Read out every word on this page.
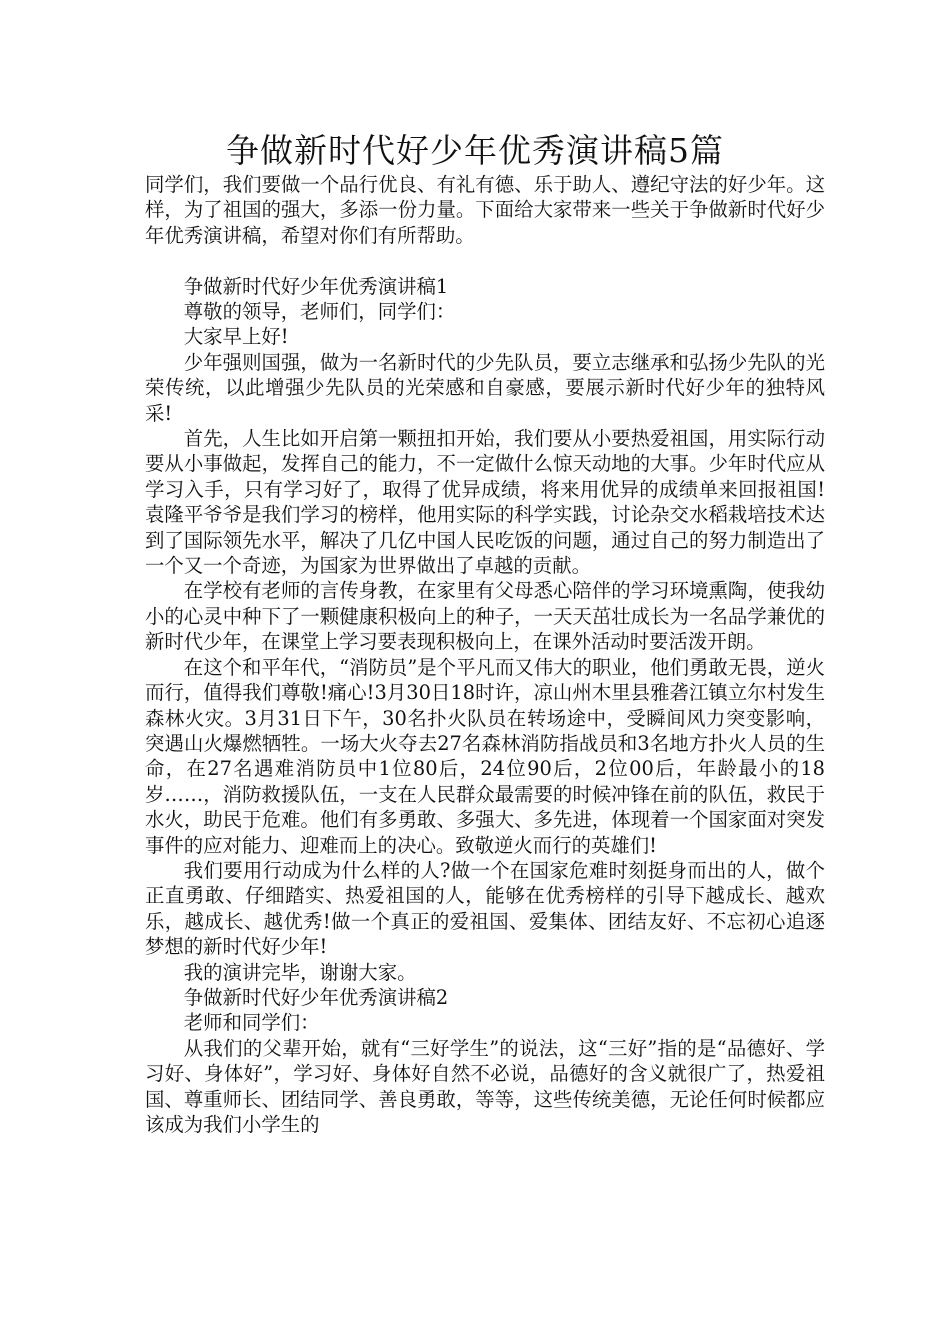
争做新时代好少年优秀演讲稿5篇

同学们，我们要做一个品行优良、有礼有德、乐于助人、遵纪守法的好少年。这样，为了祖国的强大，多添一份力量。下面给大家带来一些关于争做新时代好少年优秀演讲稿，希望对你们有所帮助。

争做新时代好少年优秀演讲稿1

尊敬的领导，老师们，同学们：

大家早上好!

少年强则国强，做为一名新时代的少先队员，要立志继承和弘扬少先队的光荣传统，以此增强少先队员的光荣感和自豪感，要展示新时代好少年的独特风采!

首先，人生比如开启第一颗扭扣开始，我们要从小要热爱祖国，用实际行动要从小事做起，发挥自己的能力，不一定做什么惊天动地的大事。少年时代应从学习入手，只有学习好了，取得了优异成绩，将来用优异的成绩单来回报祖国!袁隆平爷爷是我们学习的榜样，他用实际的科学实践，讨论杂交水稻栽培技术达到了国际领先水平，解决了几亿中国人民吃饭的问题，通过自己的努力制造出了一个又一个奇迹，为国家为世界做出了卓越的贡献。

在学校有老师的言传身教，在家里有父母悉心陪伴的学习环境熏陶，使我幼小的心灵中种下了一颗健康积极向上的种子，一天天茁壮成长为一名品学兼优的新时代少年，在课堂上学习要表现积极向上，在课外活动时要活泼开朗。

在这个和平年代，“消防员”是个平凡而又伟大的职业，他们勇敢无畏，逆火而行，值得我们尊敬!痛心!3月30日18时许，凉山州木里县雅砻江镇立尔村发生森林火灾。3月31日下午，30名扑火队员在转场途中，受瞬间风力突变影响，突遇山火爆燃牺牲。一场大火夺去27名森林消防指战员和3名地方扑火人员的生命，在27名遇难消防员中1位80后，24位90后，2位00后，年龄最小的18岁……，消防救援队伍，一支在人民群众最需要的时候冲锋在前的队伍，救民于水火，助民于危难。他们有多勇敢、多强大、多先进，体现着一个国家面对突发事件的应对能力、迎难而上的决心。致敬逆火而行的英雄们!

我们要用行动成为什么样的人?做一个在国家危难时刻挺身而出的人，做个正直勇敢、仔细踏实、热爱祖国的人，能够在优秀榜样的引导下越成长、越欢乐，越成长、越优秀!做一个真正的爱祖国、爱集体、团结友好、不忘初心追逐梦想的新时代好少年!

我的演讲完毕，谢谢大家。

争做新时代好少年优秀演讲稿2

老师和同学们：

从我们的父辈开始，就有“三好学生”的说法，这“三好”指的是“品德好、学习好、身体好”，学习好、身体好自然不必说，品德好的含义就很广了，热爱祖国、尊重师长、团结同学、善良勇敢，等等，这些传统美德，无论任何时候都应该成为我们小学生的
